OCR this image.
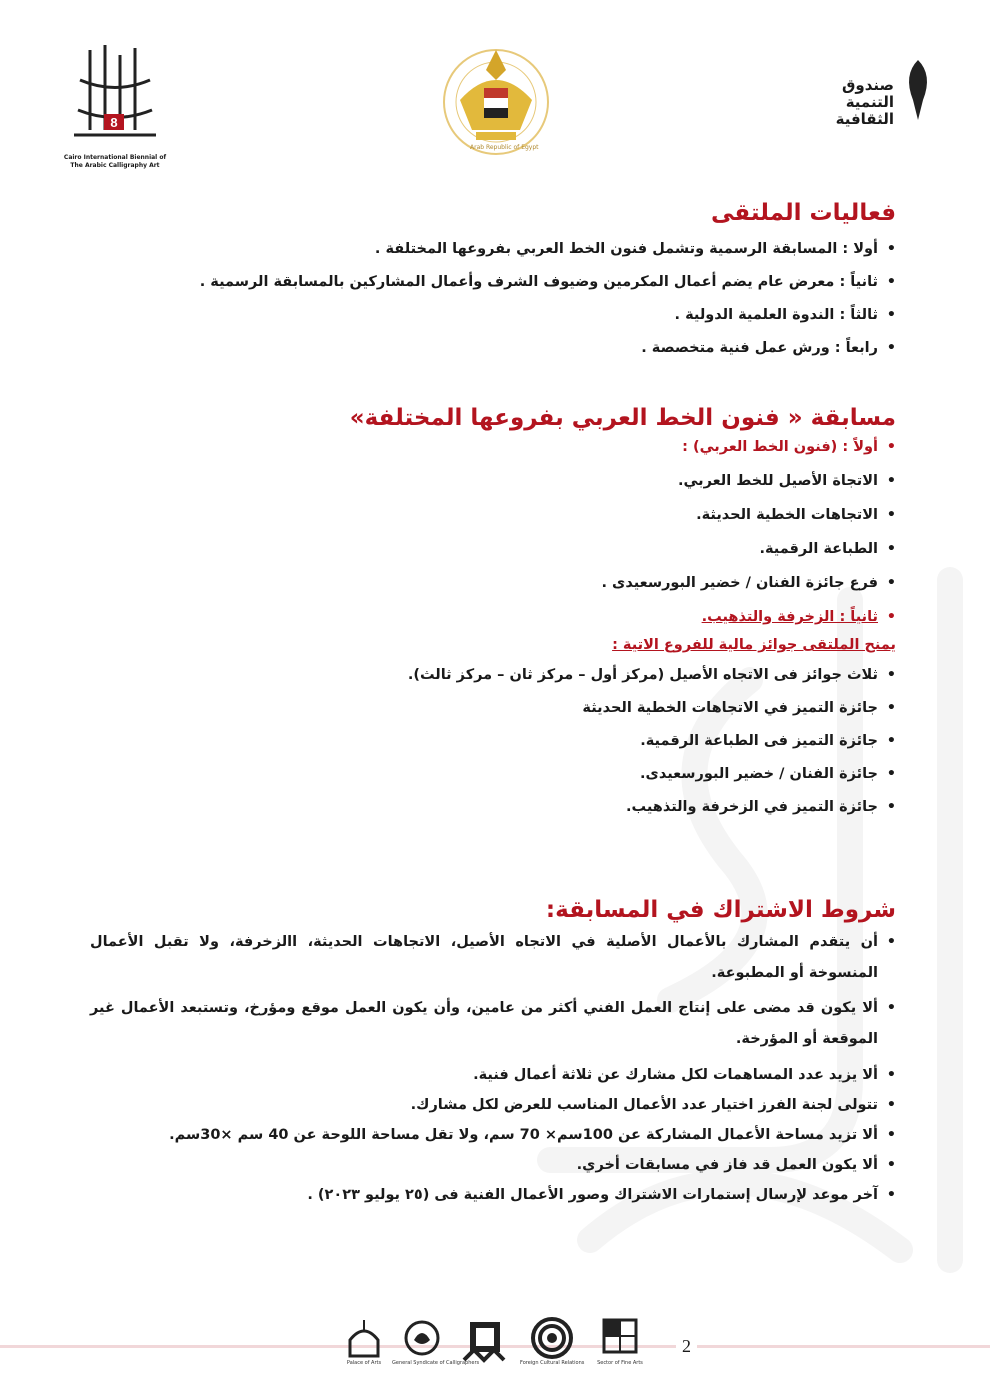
8
Cairo International Biennial of The Arabic Calligraphy Art
Arab Republic of Egypt
صندوق التنمية الثقافية
فعاليات الملتقى
• أولا : المسابقة الرسمية وتشمل فنون الخط العربي بفروعها المختلفة .
• ثانياً : معرض عام يضم أعمال المكرمين وضيوف الشرف وأعمال المشاركين بالمسابقة الرسمية .
• ثالثاً : الندوة العلمية الدولية .
• رابعاً : ورش عمل فنية متخصصة .
مسابقة « فنون الخط العربي بفروعها المختلفة»
• أولاً : (فنون الخط العربي) :
• الاتجاة الأصيل للخط العربي.
• الاتجاهات الخطية الحديثة.
• الطباعة الرقمية.
• فرع جائزة الفنان / خضير البورسعيدى .
• ثانياً : الزخرفة والتذهيب.

يمنح الملتقى جوائز مالية للفروع الاتية :

• ثلاث جوائز فى الاتجاه الأصيل (مركز أول – مركز ثان – مركز ثالث).
• جائزة التميز في الاتجاهات الخطية الحديثة
• جائزة التميز فى الطباعة الرقمية.
• جائزة الفنان / خضير البورسعيدى.
• جائزة التميز في الزخرفة والتذهيب.
شروط الاشتراك في المسابقة:

• أن يتقدم المشارك بالأعمال الأصلية في الاتجاه الأصيل، الاتجاهات الحديثة، االزخرفة، ولا تقبل الأعمال المنسوخة أو المطبوعة.

• ألا يكون قد مضى على إنتاج العمل الفني أكثر من عامين، وأن يكون العمل موقع ومؤرخ، وتستبعد الأعمال غير الموقعة أو المؤرخة.

• ألا يزيد عدد المساهمات لكل مشارك عن ثلاثة أعمال فنية.
• تتولى لجنة الفرز اختيار عدد الأعمال المناسب للعرض لكل مشارك.
• ألا تزيد مساحة الأعمال المشاركة عن 100سم× 70 سم، ولا تقل مساحة اللوحة عن 40 سم ×30سم.
• ألا يكون العمل قد فاز في مسابقات أخري.
• آخر موعد لإرسال إستمارات الاشتراك وصور الأعمال الفنية فى (٢٥ يوليو ٢٠٢٣) .
2
Palace of Arts	General Syndicate of Calligraphers	Foreign Cultural Relations	Sector of Fine Arts
